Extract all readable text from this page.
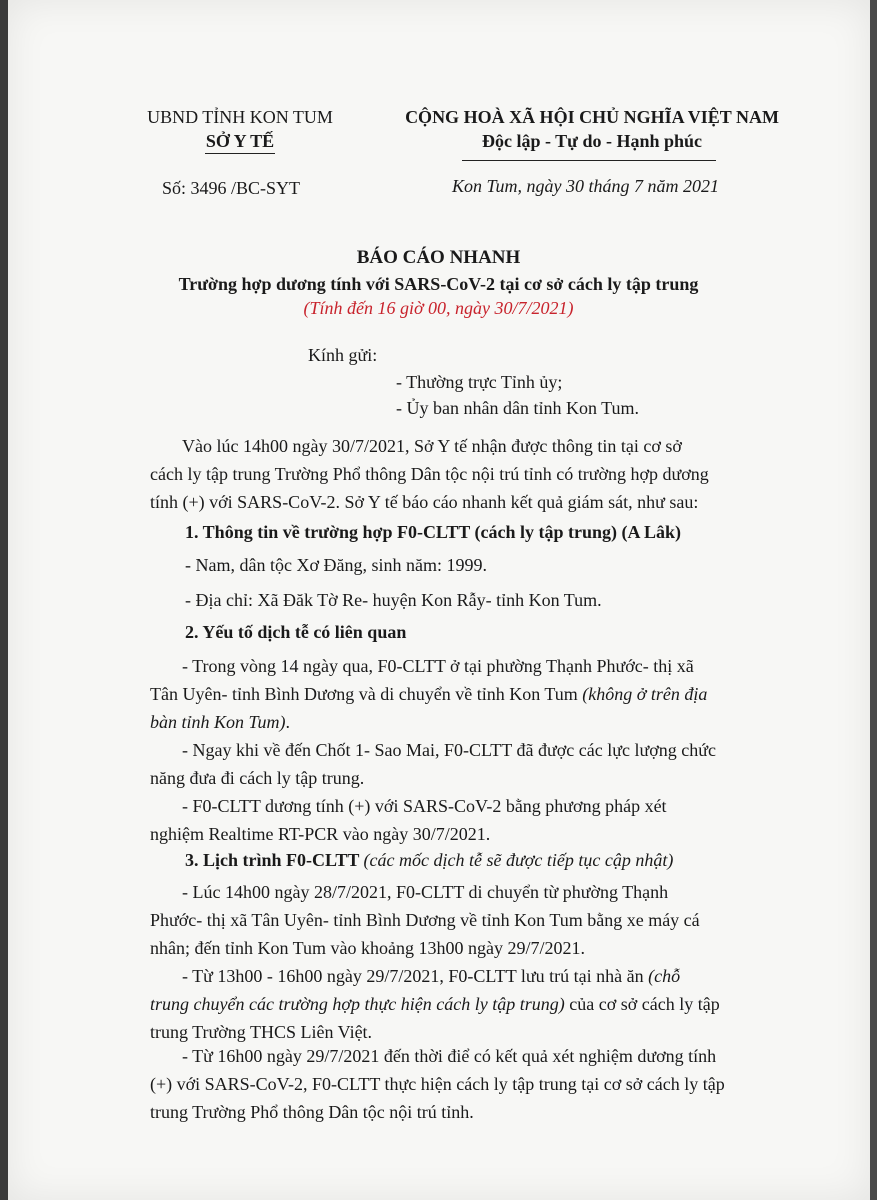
UBND TỈNH KON TUM
SỞ Y TẾ
CỘNG HOÀ XÃ HỘI CHỦ NGHĨA VIỆT NAM
Độc lập - Tự do - Hạnh phúc
Số: 3496 /BC-SYT	Kon Tum, ngày 30 tháng 7 năm 2021
BÁO CÁO NHANH
Trường hợp dương tính với SARS-CoV-2 tại cơ sở cách ly tập trung
(Tính đến 16 giờ 00, ngày 30/7/2021)
Kính gửi:
- Thường trực Tỉnh ủy;
- Ủy ban nhân dân tỉnh Kon Tum.
Vào lúc 14h00 ngày 30/7/2021, Sở Y tế nhận được thông tin tại cơ sở
cách ly tập trung Trường Phổ thông Dân tộc nội trú tỉnh có trường hợp dương
tính (+) với SARS-CoV-2. Sở Y tế báo cáo nhanh kết quả giám sát, như sau:
1. Thông tin về trường hợp F0-CLTT (cách ly tập trung) (A Lâk)
- Nam, dân tộc Xơ Đăng, sinh năm: 1999.
- Địa chỉ: Xã Đăk Tờ Re- huyện Kon Rẫy- tỉnh Kon Tum.
2. Yếu tố dịch tễ có liên quan
- Trong vòng 14 ngày qua, F0-CLTT ở tại phường Thạnh Phước- thị xã
Tân Uyên- tỉnh Bình Dương và di chuyển về tỉnh Kon Tum (không ở trên địa
bàn tỉnh Kon Tum).
- Ngay khi về đến Chốt 1- Sao Mai, F0-CLTT đã được các lực lượng chức
năng đưa đi cách ly tập trung.
- F0-CLTT dương tính (+) với SARS-CoV-2 bằng phương pháp xét
nghiệm Realtime RT-PCR vào ngày 30/7/2021.
3. Lịch trình F0-CLTT (các mốc dịch tễ sẽ được tiếp tục cập nhật)
- Lúc 14h00 ngày 28/7/2021, F0-CLTT di chuyển từ phường Thạnh
Phước- thị xã Tân Uyên- tỉnh Bình Dương về tỉnh Kon Tum bằng xe máy cá
nhân; đến tỉnh Kon Tum vào khoảng 13h00 ngày 29/7/2021.
- Từ 13h00 - 16h00 ngày 29/7/2021, F0-CLTT lưu trú tại nhà ăn (chỗ
trung chuyển các trường hợp thực hiện cách ly tập trung) của cơ sở cách ly tập
trung Trường THCS Liên Việt.
- Từ 16h00 ngày 29/7/2021 đến thời điể có kết quả xét nghiệm dương tính
(+) với SARS-CoV-2, F0-CLTT thực hiện cách ly tập trung tại cơ sở cách ly tập
trung Trường Phổ thông Dân tộc nội trú tỉnh.
